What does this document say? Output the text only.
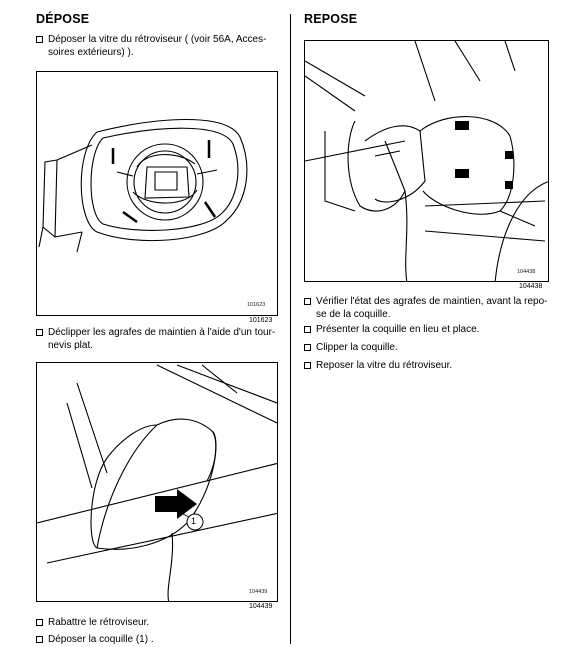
DÉPOSE
Déposer la vitre du rétroviseur ( (voir 56A, Acces-
soires extérieurs) ).
101623
101623
Déclipper les agrafes de maintien à l'aide d'un tour-
nevis plat.
1
104439
104439
Rabattre le rétroviseur.
Déposer la coquille (1) .
REPOSE
104438
104438
Vérifier l'état des agrafes de maintien, avant la repo-
se de la coquille.
Présenter la coquille en lieu et place.
Clipper la coquille.
Reposer la vitre du rétroviseur.
